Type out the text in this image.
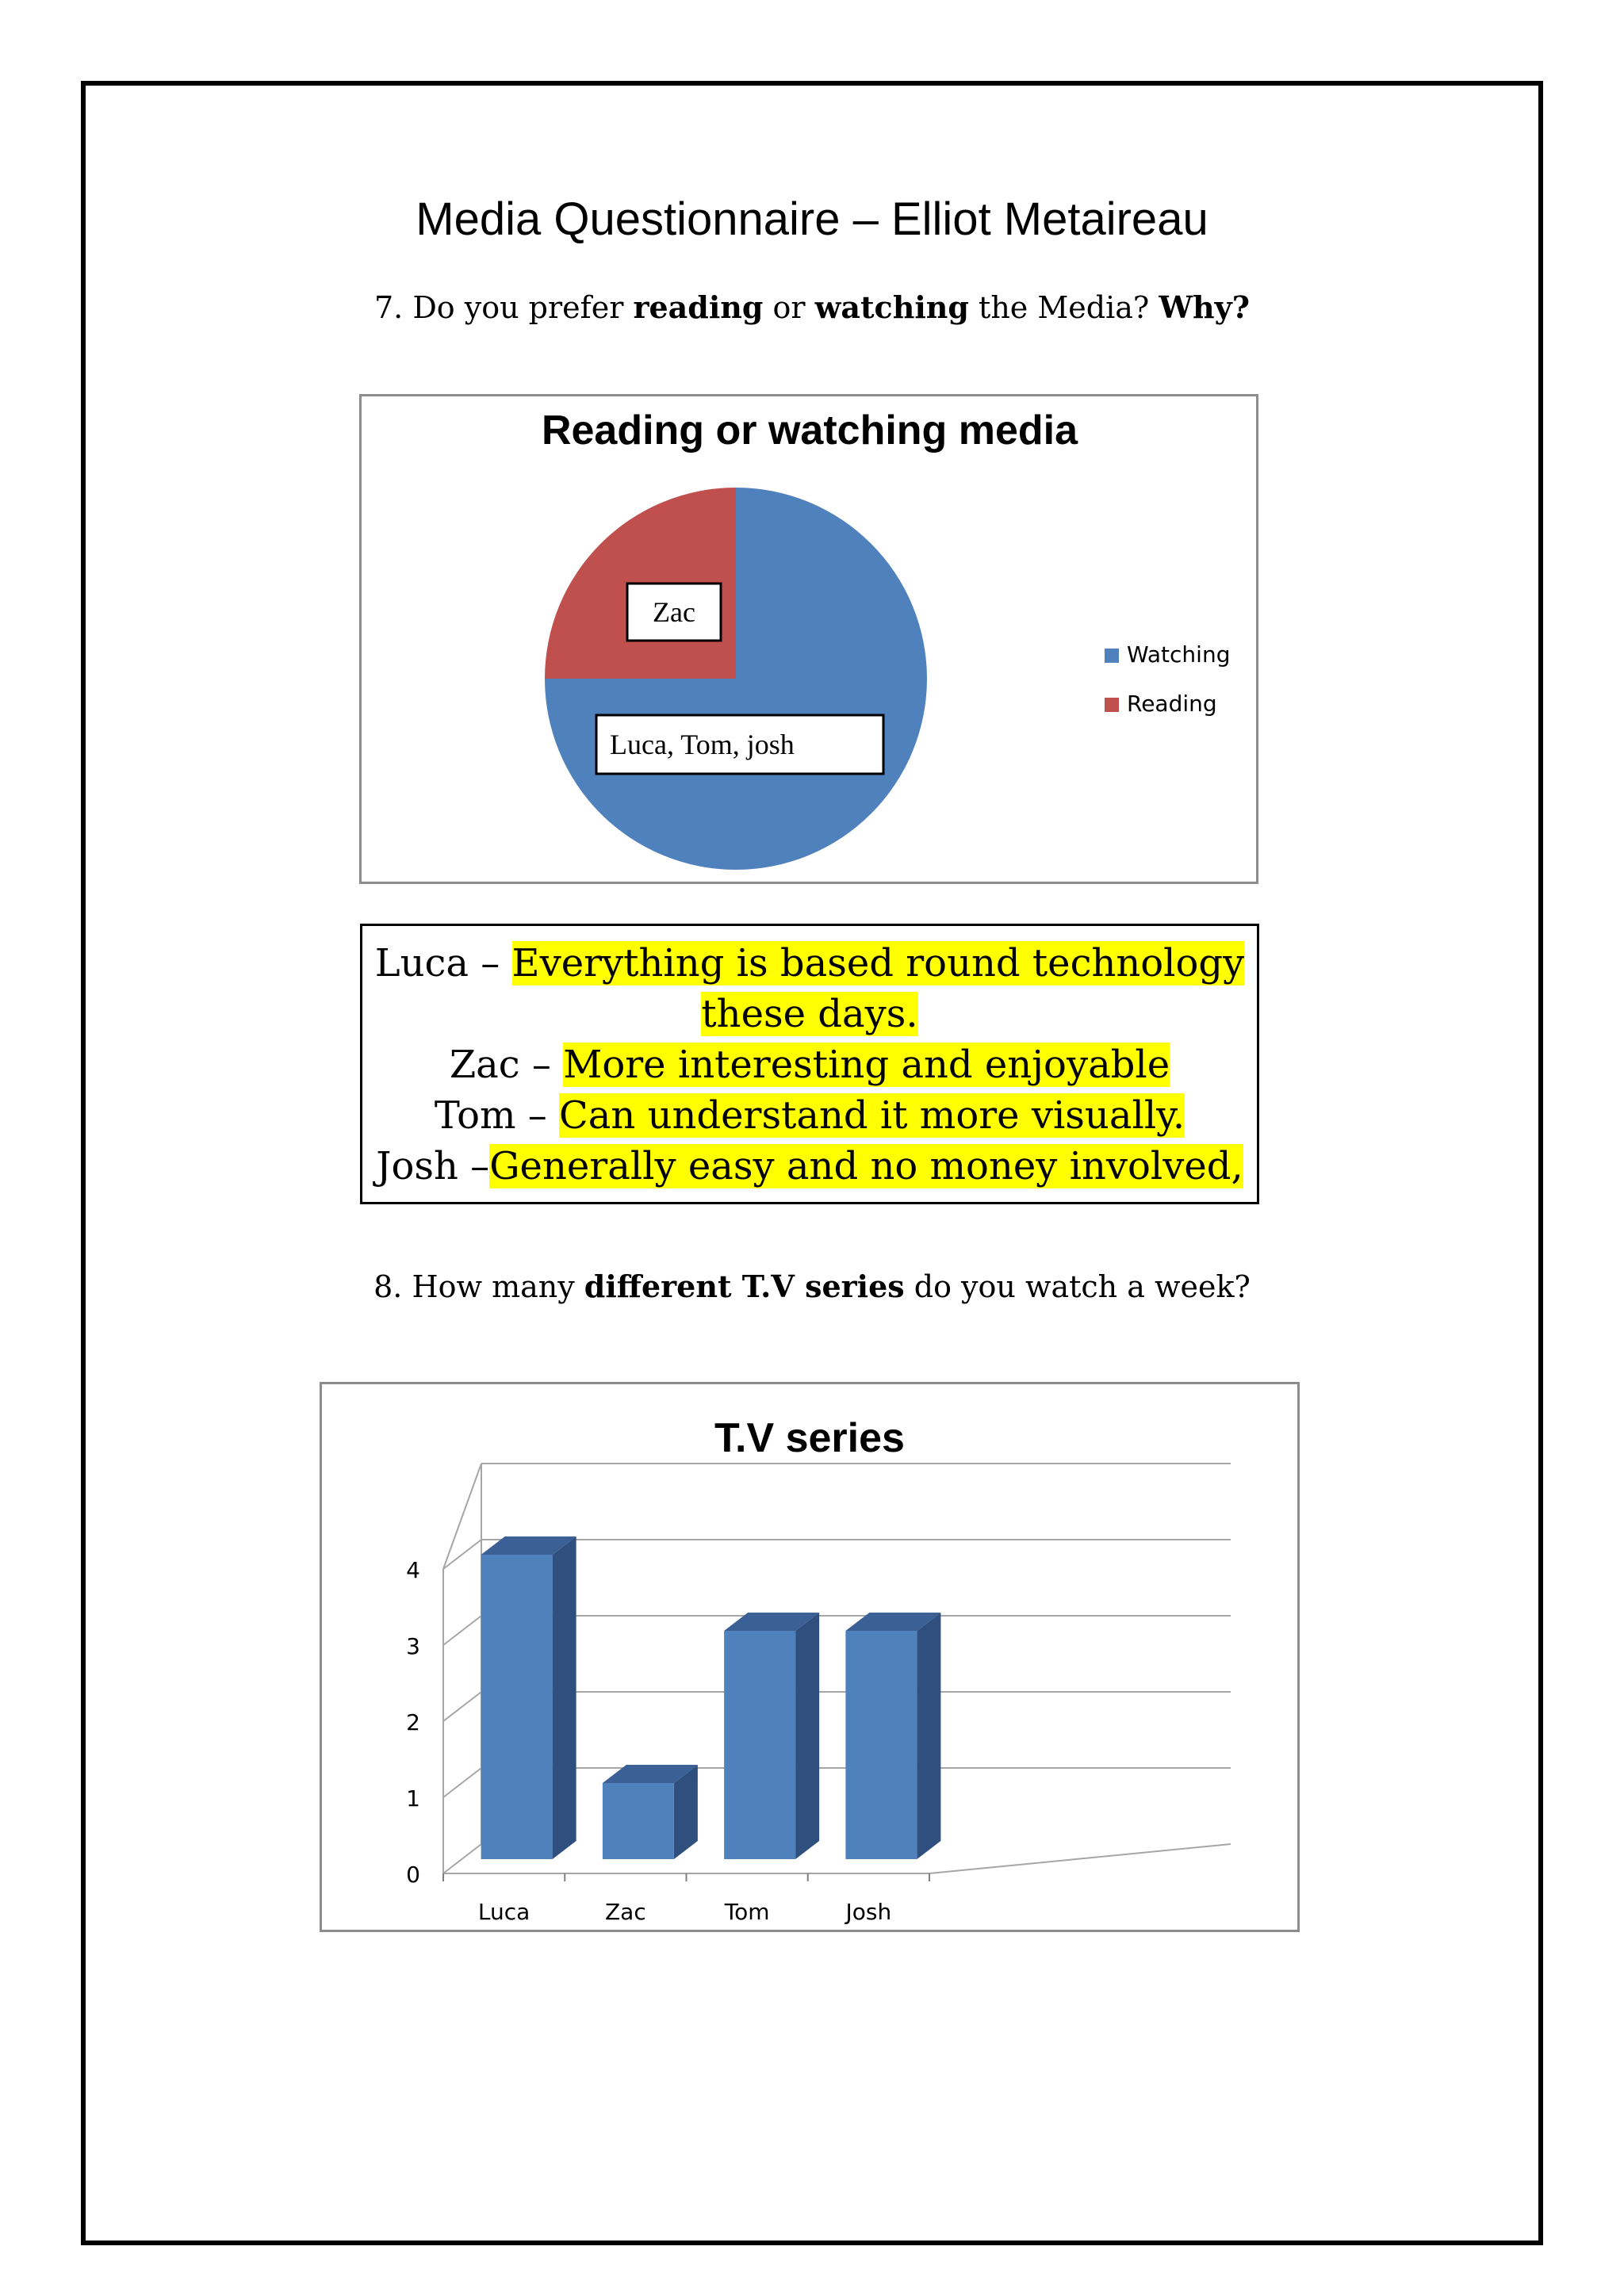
Media Questionnaire – Elliot Metaireau
7. Do you prefer reading or watching the Media? Why?
Reading or watching media
Zac
Luca, Tom, josh
Watching
Reading
Luca – Everything is based round technology
these days.
Zac – More interesting and enjoyable
Tom – Can understand it more visually.
Josh –Generally easy and no money involved,
8. How many different T.V series do you watch a week?
T.V series
0
1
2
3
4
Luca	Zac	Tom	Josh
